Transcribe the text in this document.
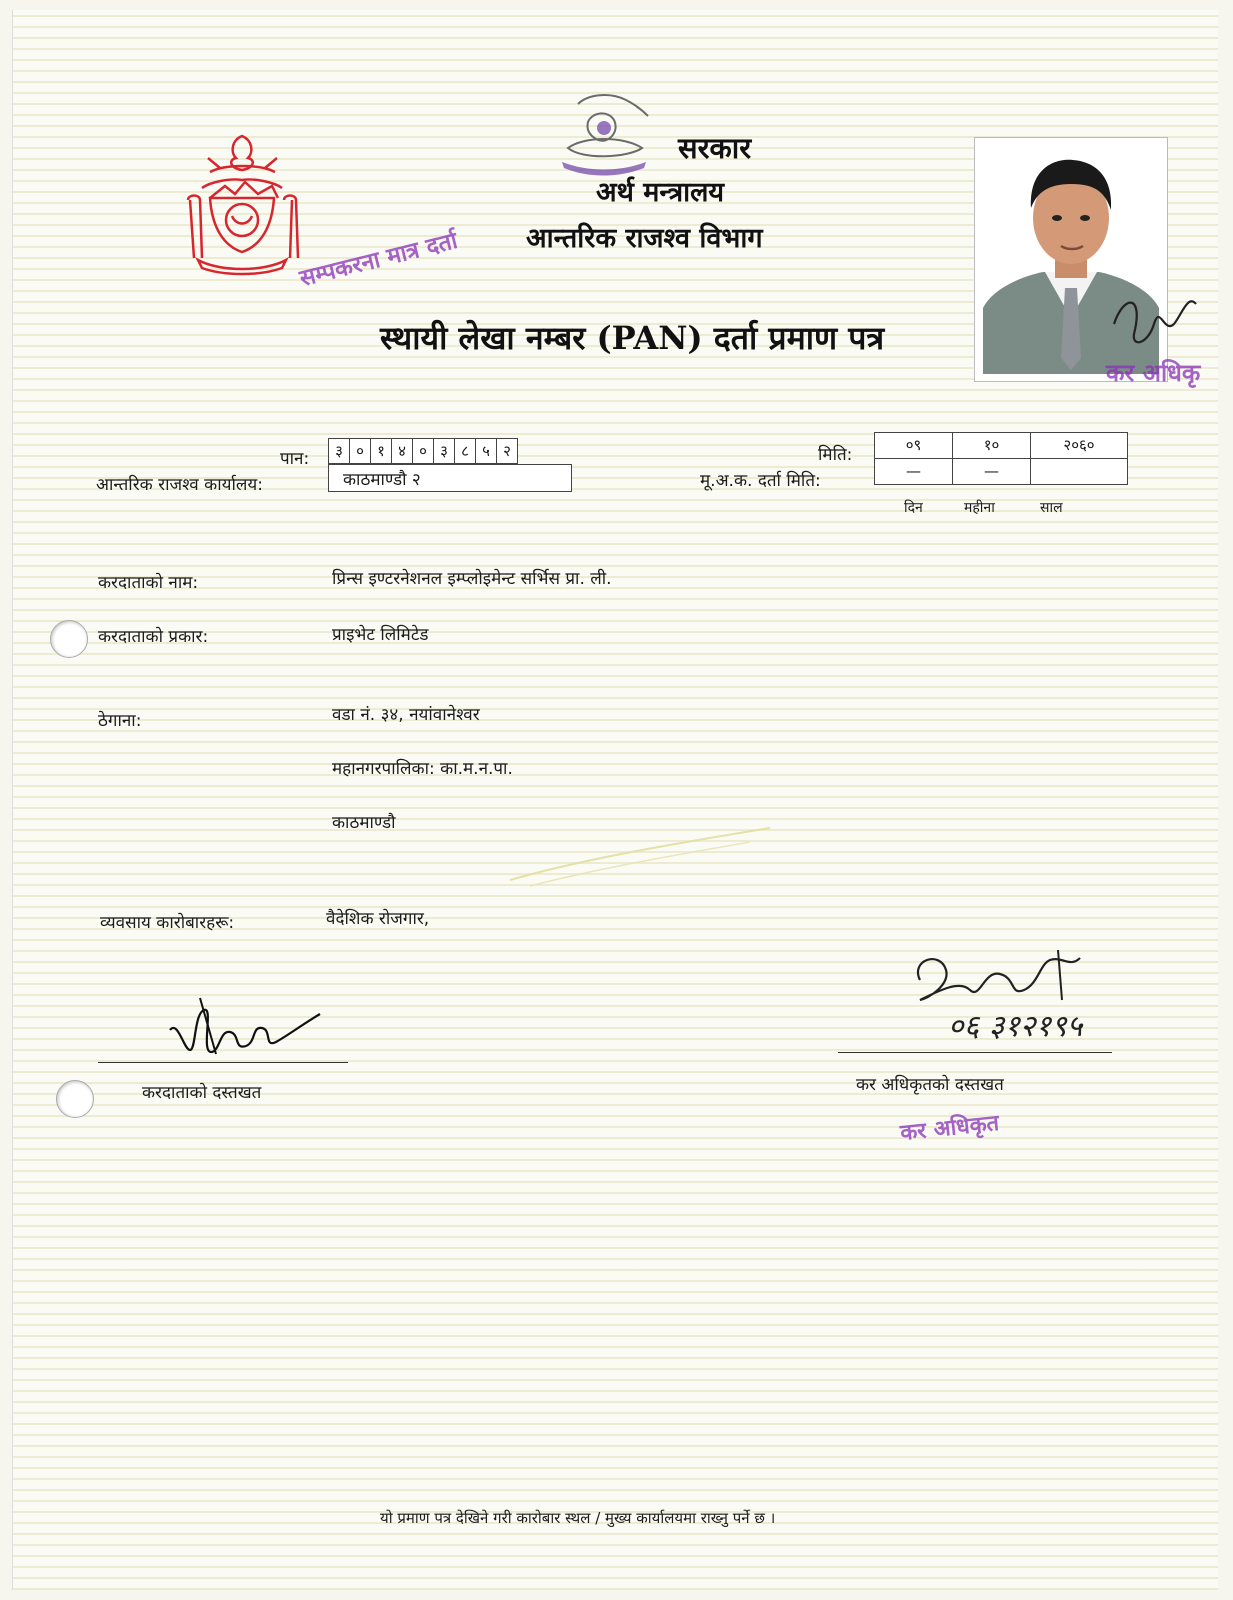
सरकार
अर्थ मन्त्रालय
आन्तरिक राजश्व विभाग
सम्पकरना मात्र दर्ता
कर अधिकृ
स्थायी लेखा नम्बर (PAN) दर्ता प्रमाण पत्र
पान:	३ ० १ ४ ० ३ ८ ५ २
आन्तरिक राजश्व कार्यालय:	काठमाण्डौ २
मिति:
मू.अ.क. दर्ता मिति:
०९	१०	२०६०
—	—
दिन	महीना	साल
करदाताको नाम:	प्रिन्स इण्टरनेशनल इम्प्लोइमेन्ट सर्भिस प्रा. ली.
करदाताको प्रकार:	प्राइभेट लिमिटेड
ठेगाना:	वडा नं. ३४, नयांवानेश्वर
महानगरपालिका: का.म.न.पा.
काठमाण्डौ
व्यवसाय कारोबारहरू:	वैदेशिक रोजगार,
करदाताको दस्तखत
०६ ३१२१९५
कर अधिकृतको दस्तखत
कर अधिकृत
यो प्रमाण पत्र देखिने गरी कारोबार स्थल / मुख्य कार्यालयमा राख्नु पर्ने छ ।
